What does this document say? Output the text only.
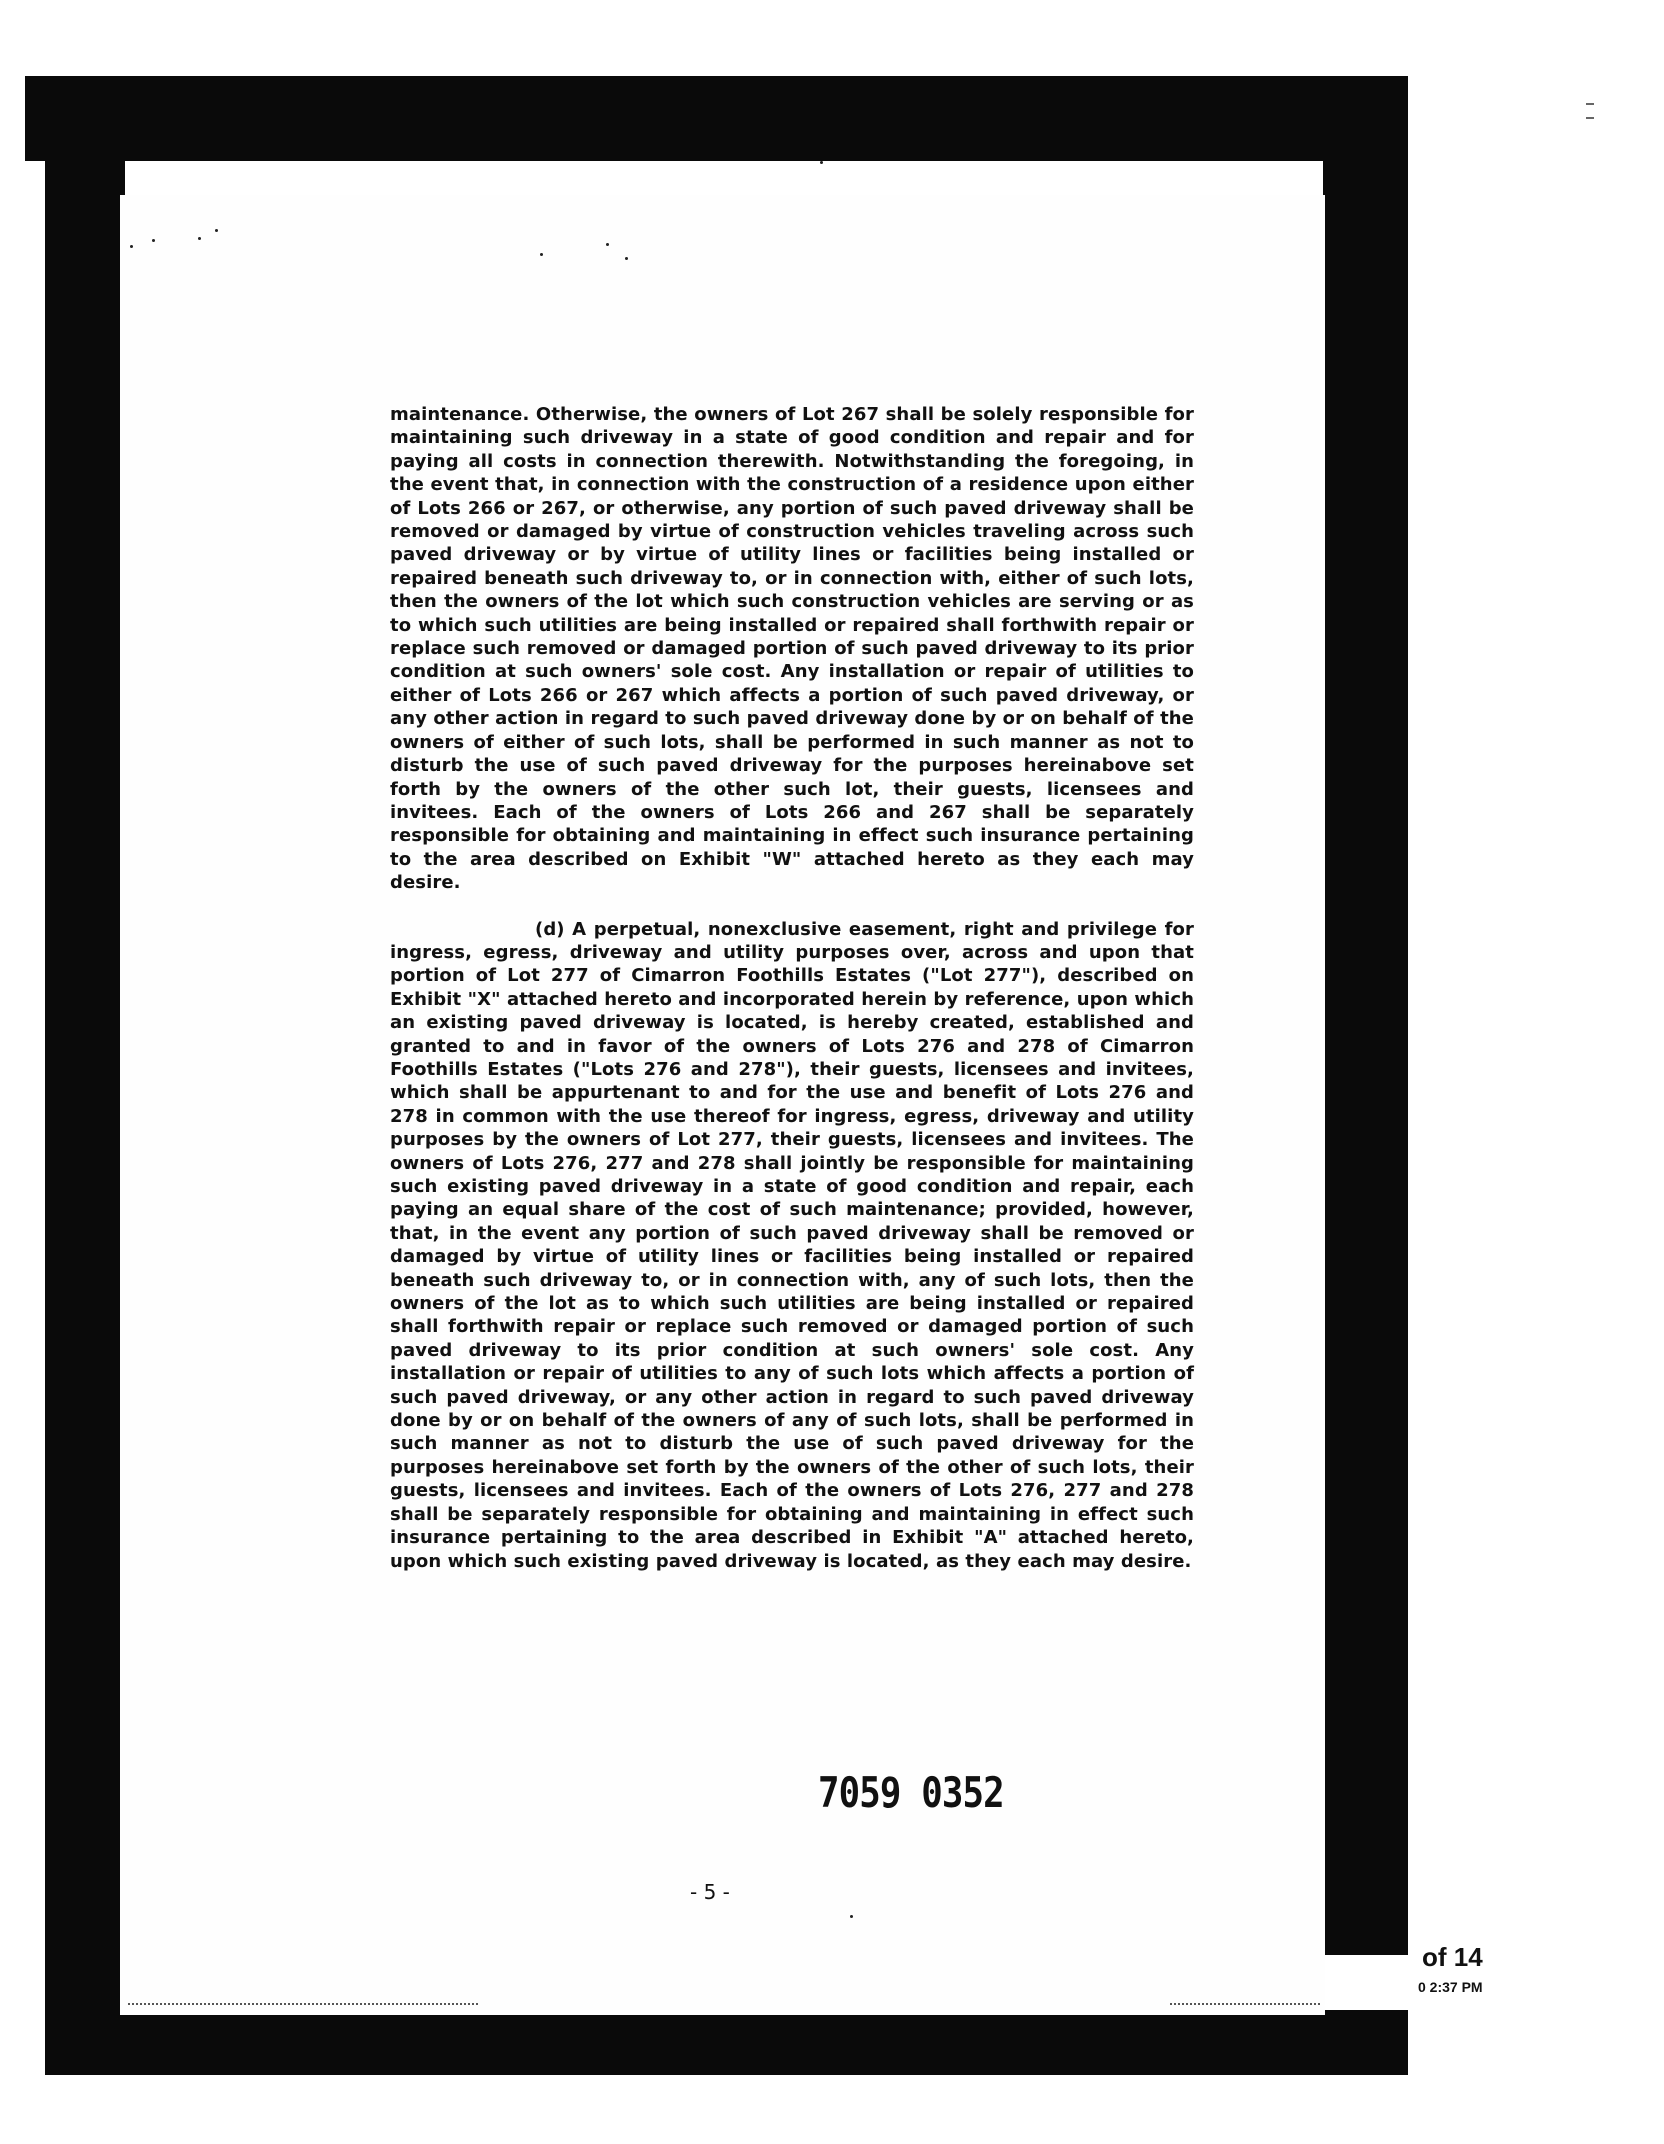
maintenance. Otherwise, the owners of Lot 267 shall be solely responsible for maintaining such driveway in a state of good condition and repair and for paying all costs in connection therewith. Notwithstanding the foregoing, in the event that, in connection with the construction of a residence upon either of Lots 266 or 267, or otherwise, any portion of such paved driveway shall be removed or damaged by virtue of construction vehicles traveling across such paved driveway or by virtue of utility lines or facilities being installed or repaired beneath such driveway to, or in connection with, either of such lots, then the owners of the lot which such construction vehicles are serving or as to which such utilities are being installed or repaired shall forthwith repair or replace such removed or damaged portion of such paved driveway to its prior condition at such owners' sole cost. Any installation or repair of utilities to either of Lots 266 or 267 which affects a portion of such paved driveway, or any other action in regard to such paved driveway done by or on behalf of the owners of either of such lots, shall be performed in such manner as not to disturb the use of such paved driveway for the purposes hereinabove set forth by the owners of the other such lot, their guests, licensees and invitees. Each of the owners of Lots 266 and 267 shall be separately responsible for obtaining and maintaining in effect such insurance pertaining to the area described on Exhibit "W" attached hereto as they each may desire.

(d) A perpetual, nonexclusive easement, right and privilege for ingress, egress, driveway and utility purposes over, across and upon that portion of Lot 277 of Cimarron Foothills Estates ("Lot 277"), described on Exhibit "X" attached hereto and incorporated herein by reference, upon which an existing paved driveway is located, is hereby created, established and granted to and in favor of the owners of Lots 276 and 278 of Cimarron Foothills Estates ("Lots 276 and 278"), their guests, licensees and invitees, which shall be appurtenant to and for the use and benefit of Lots 276 and 278 in common with the use thereof for ingress, egress, driveway and utility purposes by the owners of Lot 277, their guests, licensees and invitees. The owners of Lots 276, 277 and 278 shall jointly be responsible for maintaining such existing paved driveway in a state of good condition and repair, each paying an equal share of the cost of such maintenance; provided, however, that, in the event any portion of such paved driveway shall be removed or damaged by virtue of utility lines or facilities being installed or repaired beneath such driveway to, or in connection with, any of such lots, then the owners of the lot as to which such utilities are being installed or repaired shall forthwith repair or replace such removed or damaged portion of such paved driveway to its prior condition at such owners' sole cost. Any installation or repair of utilities to any of such lots which affects a portion of such paved driveway, or any other action in regard to such paved driveway done by or on behalf of the owners of any of such lots, shall be performed in such manner as not to disturb the use of such paved driveway for the purposes hereinabove set forth by the owners of the other of such lots, their guests, licensees and invitees. Each of the owners of Lots 276, 277 and 278 shall be separately responsible for obtaining and maintaining in effect such insurance pertaining to the area described in Exhibit "A" attached hereto, upon which such existing paved driveway is located, as they each may desire.

7059 0352
- 5 -
of 14
0 2:37 PM
